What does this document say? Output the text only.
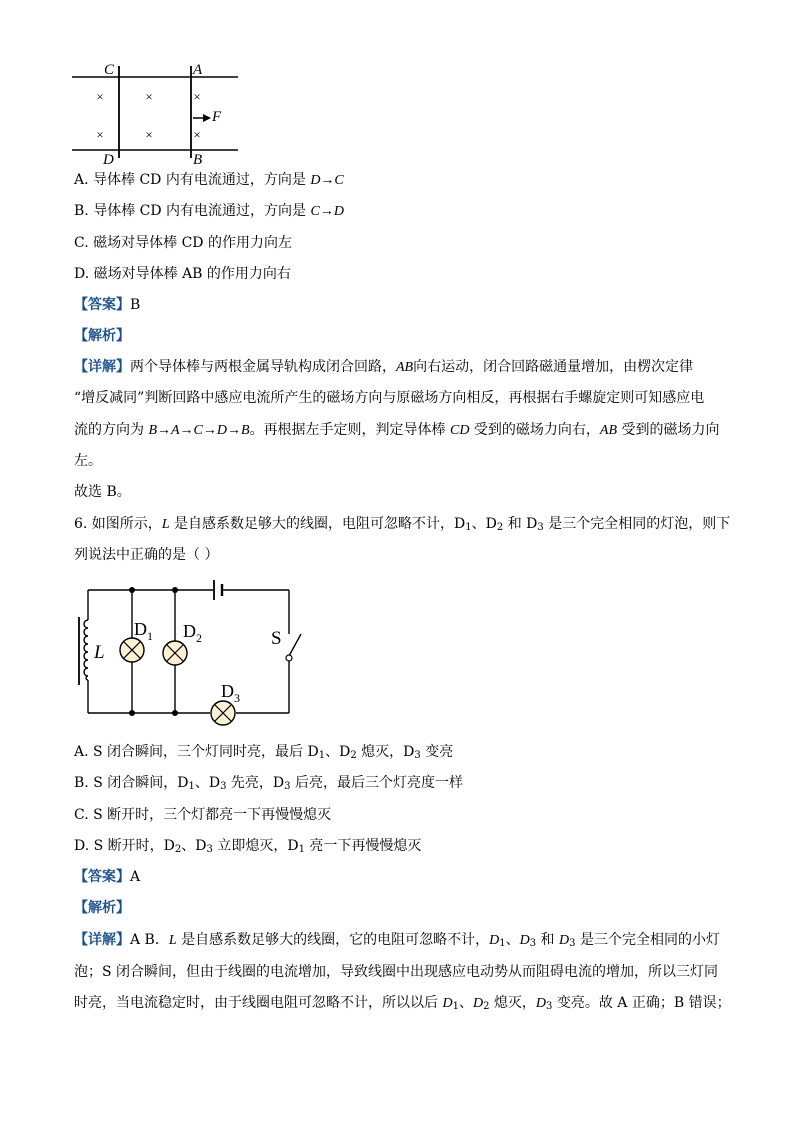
×	×	×
×	×	×
C	A
F
D	B
A. 导体棒 CD 内有电流通过，方向是 D→C
B. 导体棒 CD 内有电流通过，方向是 C→D
C. 磁场对导体棒 CD 的作用力向左
D. 磁场对导体棒 AB 的作用力向右
【答案】B
【解析】
【详解】两个导体棒与两根金属导轨构成闭合回路，AB向右运动，闭合回路磁通量增加，由楞次定律
“增反减同”判断回路中感应电流所产生的磁场方向与原磁场方向相反，再根据右手螺旋定则可知感应电
流的方向为 B→A→C→D→B。再根据左手定则，判定导体棒 CD 受到的磁场力向右，AB 受到的磁场力向
左。
故选 B。
6. 如图所示，L 是自感系数足够大的线圈，电阻可忽略不计，$D_1$、$D_2$ 和 $D_3$ 是三个完全相同的灯泡，则下
列说法中正确的是（ ）
L
S
$D_1$ $D_2$
$D_3$
A. S 闭合瞬间，三个灯同时亮，最后 $D_1$、$D_2$ 熄灭，$D_3$ 变亮
B. S 闭合瞬间，$D_1$、$D_3$ 先亮，$D_3$ 后亮，最后三个灯亮度一样
C. S 断开时，三个灯都亮一下再慢慢熄灭
D. S 断开时，$D_2$、$D_3$ 立即熄灭，$D_1$ 亮一下再慢慢熄灭
【答案】A
【解析】
【详解】A B．L 是自感系数足够大的线圈，它的电阻可忽略不计，$D_1$、$D_3$ 和 $D_3$ 是三个完全相同的小灯
泡；S 闭合瞬间，但由于线圈的电流增加，导致线圈中出现感应电动势从而阻碍电流的增加，所以三灯同
时亮，当电流稳定时，由于线圈电阻可忽略不计，所以以后 $D_1$、$D_2$ 熄灭，$D_3$ 变亮。故 A 正确；B 错误；
